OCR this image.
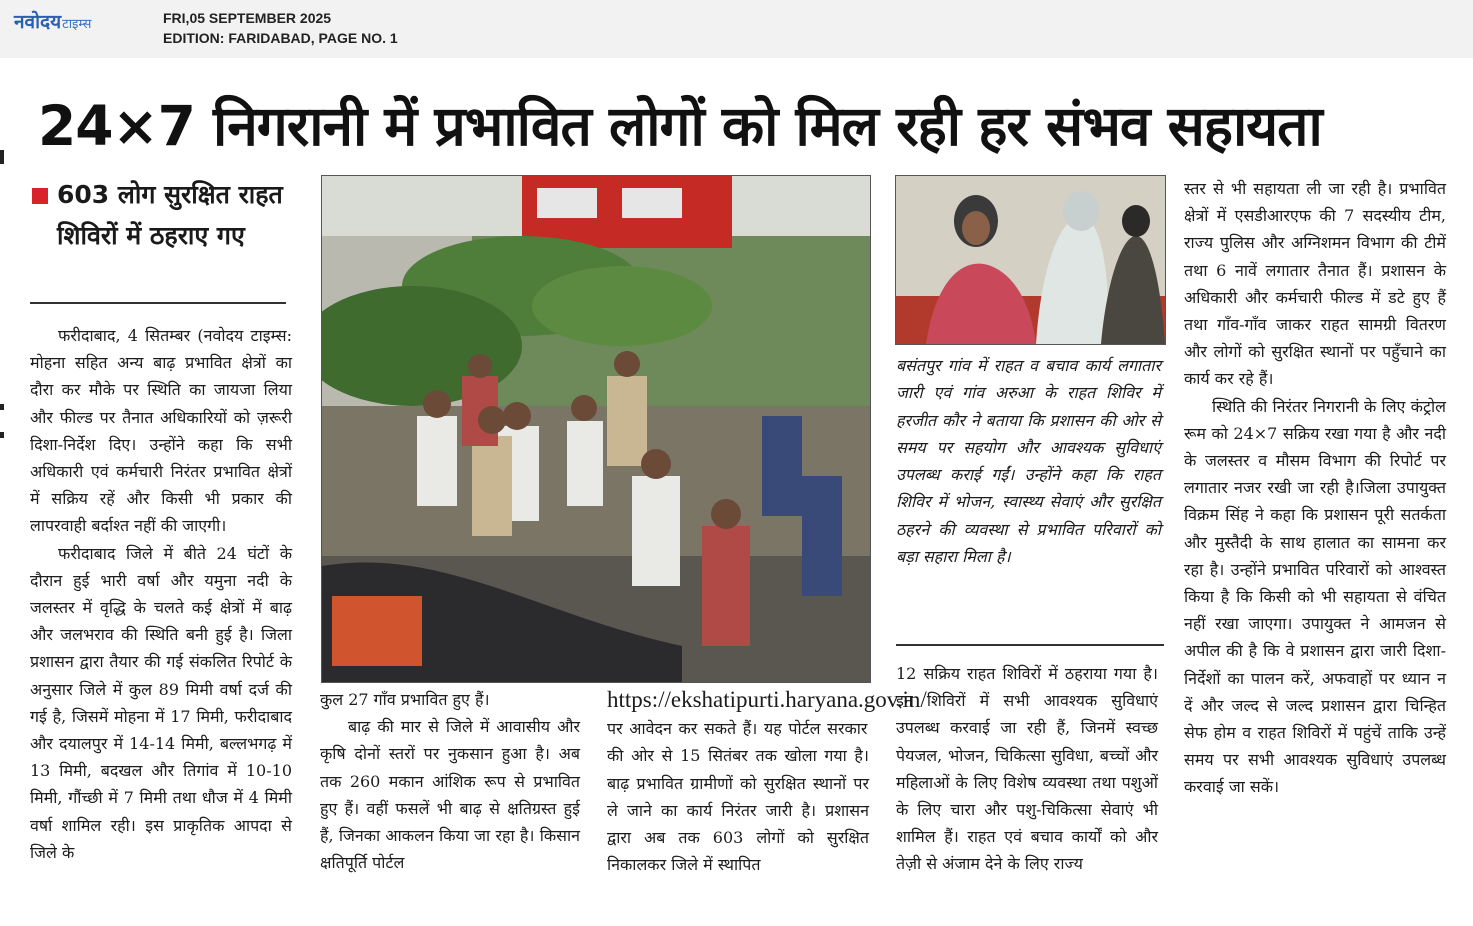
नवोदयटाइम्स	FRI,05 SEPTEMBER 2025
EDITION: FARIDABAD, PAGE NO. 1
24×7 निगरानी में प्रभावित लोगों को मिल रही हर संभव सहायता
603 लोग सुरक्षित राहत शिविरों में ठहराए गए

फरीदाबाद, 4 सितम्बर (नवोदय टाइम्स: मोहना सहित अन्य बाढ़ प्रभावित क्षेत्रों का दौरा कर मौके पर स्थिति का जायजा लिया और फील्ड पर तैनात अधिकारियों को ज़रूरी दिशा-निर्देश दिए। उन्होंने कहा कि सभी अधिकारी एवं कर्मचारी निरंतर प्रभावित क्षेत्रों में सक्रिय रहें और किसी भी प्रकार की लापरवाही बर्दाश्त नहीं की जाएगी।

फरीदाबाद जिले में बीते 24 घंटों के दौरान हुई भारी वर्षा और यमुना नदी के जलस्तर में वृद्धि के चलते कई क्षेत्रों में बाढ़ और जलभराव की स्थिति बनी हुई है। जिला प्रशासन द्वारा तैयार की गई संकलित रिपोर्ट के अनुसार जिले में कुल 89 मिमी वर्षा दर्ज की गई है, जिसमें मोहना में 17 मिमी, फरीदाबाद और दयालपुर में 14-14 मिमी, बल्लभगढ़ में 13 मिमी, बदखल और तिगांव में 10-10 मिमी, गौंच्छी में 7 मिमी तथा धौज में 4 मिमी वर्षा शामिल रही। इस प्राकृतिक आपदा से जिले के

कुल 27 गाँव प्रभावित हुए हैं।

बाढ़ की मार से जिले में आवासीय और कृषि दोनों स्तरों पर नुकसान हुआ है। अब तक 260 मकान आंशिक रूप से प्रभावित हुए हैं। वहीं फसलें भी बाढ़ से क्षतिग्रस्त हुई हैं, जिनका आकलन किया जा रहा है। किसान क्षतिपूर्ति पोर्टल

https://ekshatipurti.haryana.gov.in/ पर आवेदन कर सकते हैं। यह पोर्टल सरकार की ओर से 15 सितंबर तक खोला गया है। बाढ़ प्रभावित ग्रामीणों को सुरक्षित स्थानों पर ले जाने का कार्य निरंतर जारी है। प्रशासन द्वारा अब तक 603 लोगों को सुरक्षित निकालकर जिले में स्थापित

बसंतपुर गांव में राहत व बचाव कार्य लगातार जारी एवं गांव अरुआ के राहत शिविर में हरजीत कौर ने बताया कि प्रशासन की ओर से समय पर सहयोग और आवश्यक सुविधाएं उपलब्ध कराई गईं। उन्होंने कहा कि राहत शिविर में भोजन, स्वास्थ्य सेवाएं और सुरक्षित ठहरने की व्यवस्था से प्रभावित परिवारों को बड़ा सहारा मिला है।

12 सक्रिय राहत शिविरों में ठहराया गया है। इन शिविरों में सभी आवश्यक सुविधाएं उपलब्ध करवाई जा रही हैं, जिनमें स्वच्छ पेयजल, भोजन, चिकित्सा सुविधा, बच्चों और महिलाओं के लिए विशेष व्यवस्था तथा पशुओं के लिए चारा और पशु-चिकित्सा सेवाएं भी शामिल हैं। राहत एवं बचाव कार्यों को और तेज़ी से अंजाम देने के लिए राज्य

स्तर से भी सहायता ली जा रही है। प्रभावित क्षेत्रों में एसडीआरएफ की 7 सदस्यीय टीम, राज्य पुलिस और अग्निशमन विभाग की टीमें तथा 6 नावें लगातार तैनात हैं। प्रशासन के अधिकारी और कर्मचारी फील्ड में डटे हुए हैं तथा गाँव-गाँव जाकर राहत सामग्री वितरण और लोगों को सुरक्षित स्थानों पर पहुँचाने का कार्य कर रहे हैं।

स्थिति की निरंतर निगरानी के लिए कंट्रोल रूम को 24×7 सक्रिय रखा गया है और नदी के जलस्तर व मौसम विभाग की रिपोर्ट पर लगातार नजर रखी जा रही है।जिला उपायुक्त विक्रम सिंह ने कहा कि प्रशासन पूरी सतर्कता और मुस्तैदी के साथ हालात का सामना कर रहा है। उन्होंने प्रभावित परिवारों को आश्वस्त किया है कि किसी को भी सहायता से वंचित नहीं रखा जाएगा। उपायुक्त ने आमजन से अपील की है कि वे प्रशासन द्वारा जारी दिशा-निर्देशों का पालन करें, अफवाहों पर ध्यान न दें और जल्द से जल्द प्रशासन द्वारा चिन्हित सेफ होम व राहत शिविरों में पहुंचें ताकि उन्हें समय पर सभी आवश्यक सुविधाएं उपलब्ध करवाई जा सकें।
